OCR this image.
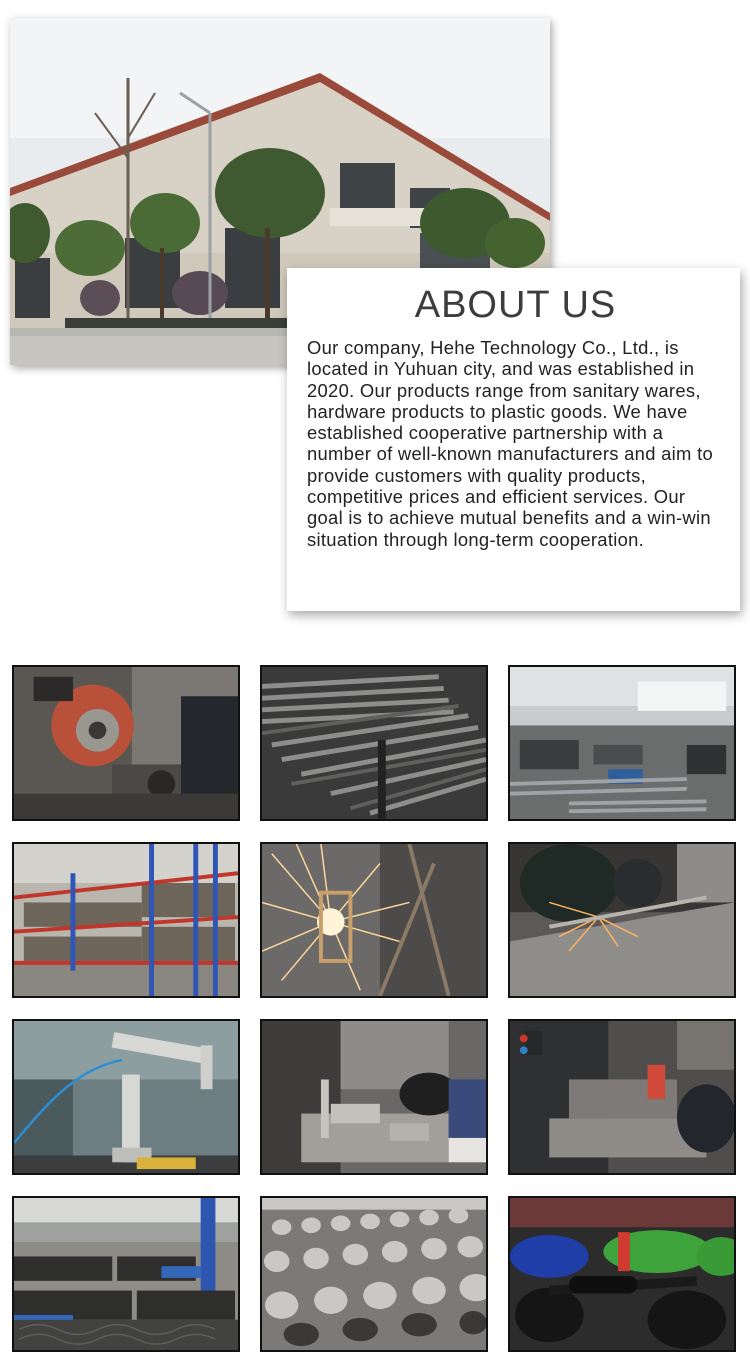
ABOUT US

Our company, Hehe Technology Co., Ltd., is located in Yuhuan city, and was established in 2020. Our products range from sanitary wares, hardware products to plastic goods. We have established cooperative partnership with a number of well-known manufacturers and aim to provide customers with quality products, competitive prices and efficient services. Our goal is to achieve mutual benefits and a win-win situation through long-term cooperation.
